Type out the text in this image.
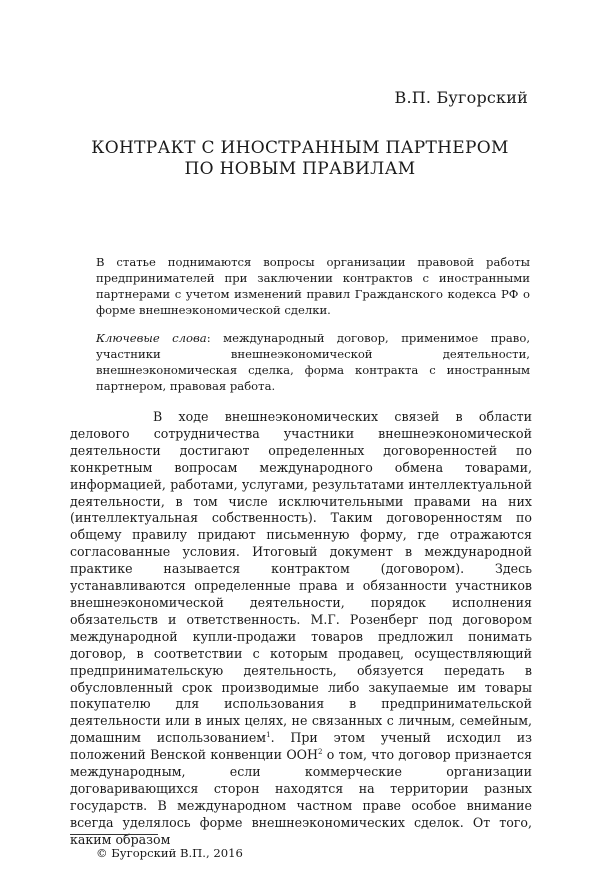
В.П. Бугорский
КОНТРАКТ С ИНОСТРАННЫМ ПАРТНЕРОМ
ПО НОВЫМ ПРАВИЛАМ

В статье поднимаются вопросы организации правовой работы предпринимателей при заключении контрактов с иностранными партнерами с учетом изменений правил Гражданского кодекса РФ о форме внешнеэкономической сделки.

Ключевые слова: международный договор, применимое право, участники внешнеэкономической деятельности, внешнеэкономическая сделка, форма контракта с иностранным партнером, правовая работа.

В ходе внешнеэкономических связей в области делового сотрудничества участники внешнеэкономической деятельности достигают определенных договоренностей по конкретным вопросам международного обмена товарами, информацией, работами, услугами, результатами интеллектуальной деятельности, в том числе исключительными правами на них (интеллектуальная собственность). Таким договоренностям по общему правилу придают письменную форму, где отражаются согласованные условия. Итоговый документ в международной практике называется контрактом (договором). Здесь устанавливаются определенные права и обязанности участников внешнеэкономической деятельности, порядок исполнения обязательств и ответственность. М.Г. Розенберг под договором международной купли-продажи товаров предложил понимать договор, в соответствии с которым продавец, осуществляющий предпринимательскую деятельность, обязуется передать в обусловленный срок производимые либо закупаемые им товары покупателю для использования в предпринимательской деятельности или в иных целях, не связанных с личным, семейным, домашним использованием$^1$. При этом ученый исходил из положений Венской конвенции ООН$^2$ о том, что договор признается международным, если коммерческие организации договаривающихся сторон находятся на территории разных государств. В международном частном праве особое внимание всегда уделялось форме внешнеэкономических сделок. От того, каким образом

© Бугорский В.П., 2016
